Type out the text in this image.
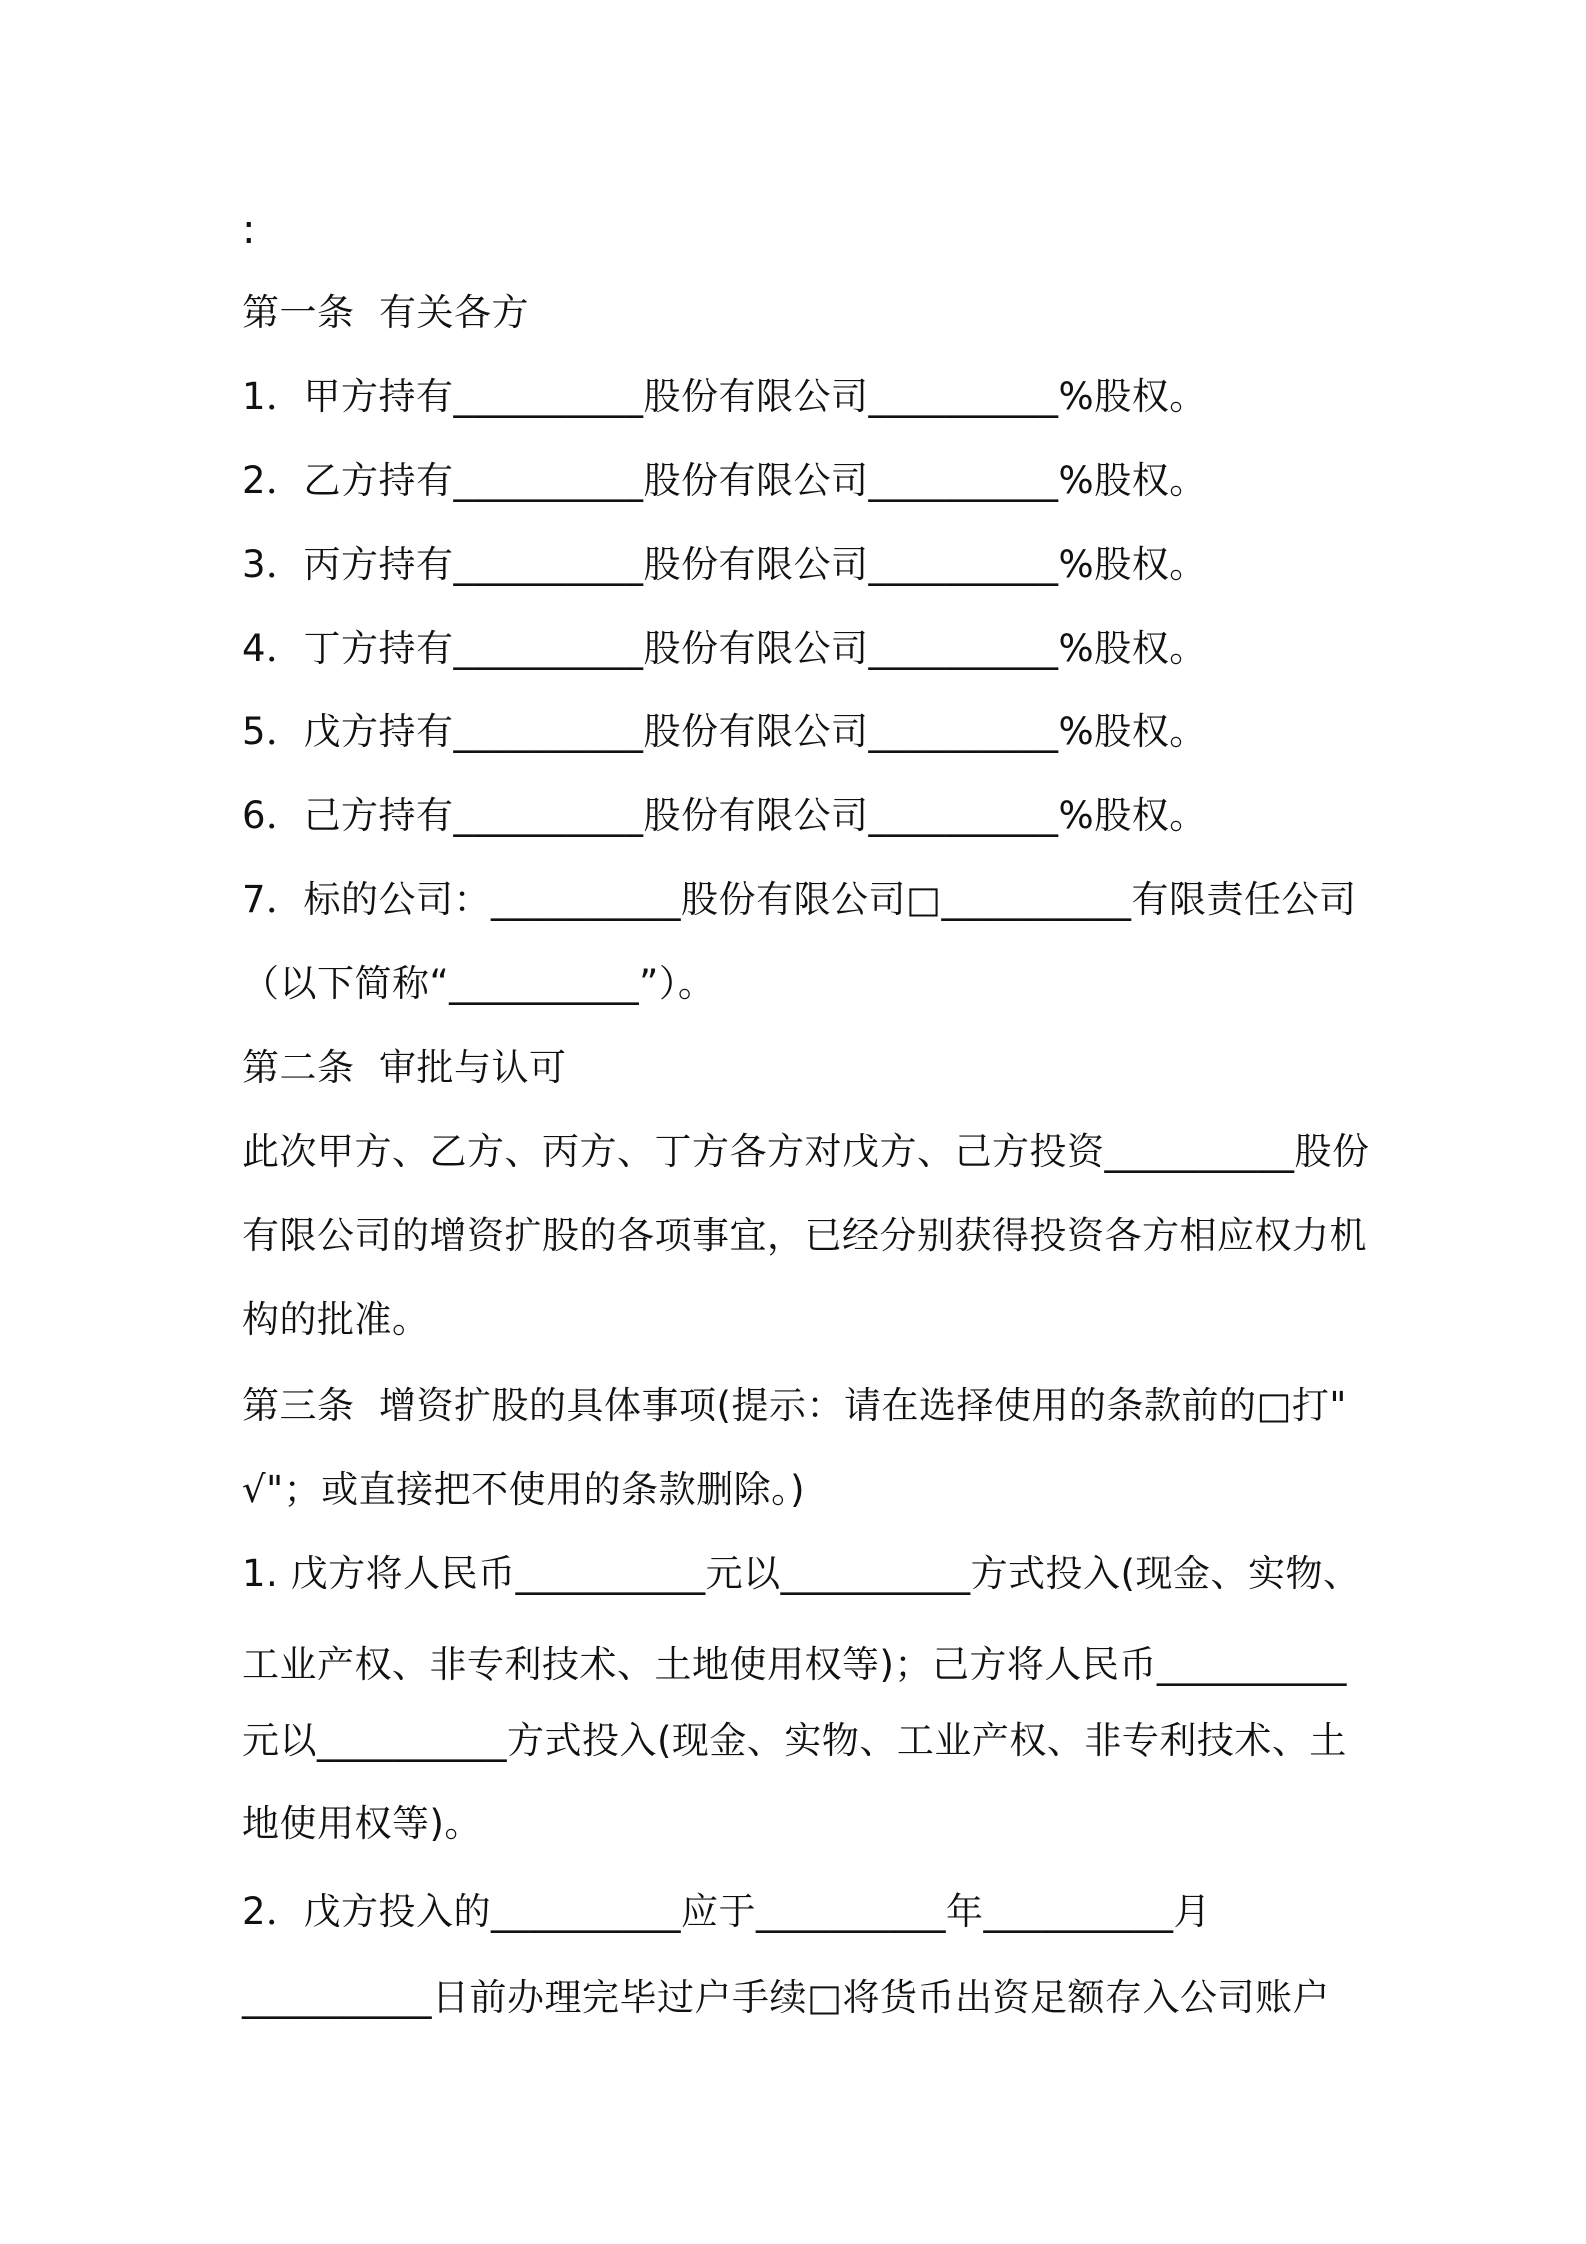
:
第一条  有关各方
1．甲方持有__________股份有限公司__________%股权。
2．乙方持有__________股份有限公司__________%股权。
3．丙方持有__________股份有限公司__________%股权。
4．丁方持有__________股份有限公司__________%股权。
5．戊方持有__________股份有限公司__________%股权。
6．己方持有__________股份有限公司__________%股权。
7．标的公司：__________股份有限公司□__________有限责任公司
（以下简称“__________”）。
第二条  审批与认可
此次甲方、乙方、丙方、丁方各方对戊方、己方投资__________股份
有限公司的增资扩股的各项事宜，已经分别获得投资各方相应权力机
构的批准。
第三条  增资扩股的具体事项(提示：请在选择使用的条款前的□打"
√"；或直接把不使用的条款删除。)
1. 戊方将人民币__________元以__________方式投入(现金、实物、
工业产权、非专利技术、土地使用权等)；己方将人民币__________
元以__________方式投入(现金、实物、工业产权、非专利技术、土
地使用权等)。
2．戊方投入的__________应于__________年__________月
__________日前办理完毕过户手续□将货币出资足额存入公司账户
